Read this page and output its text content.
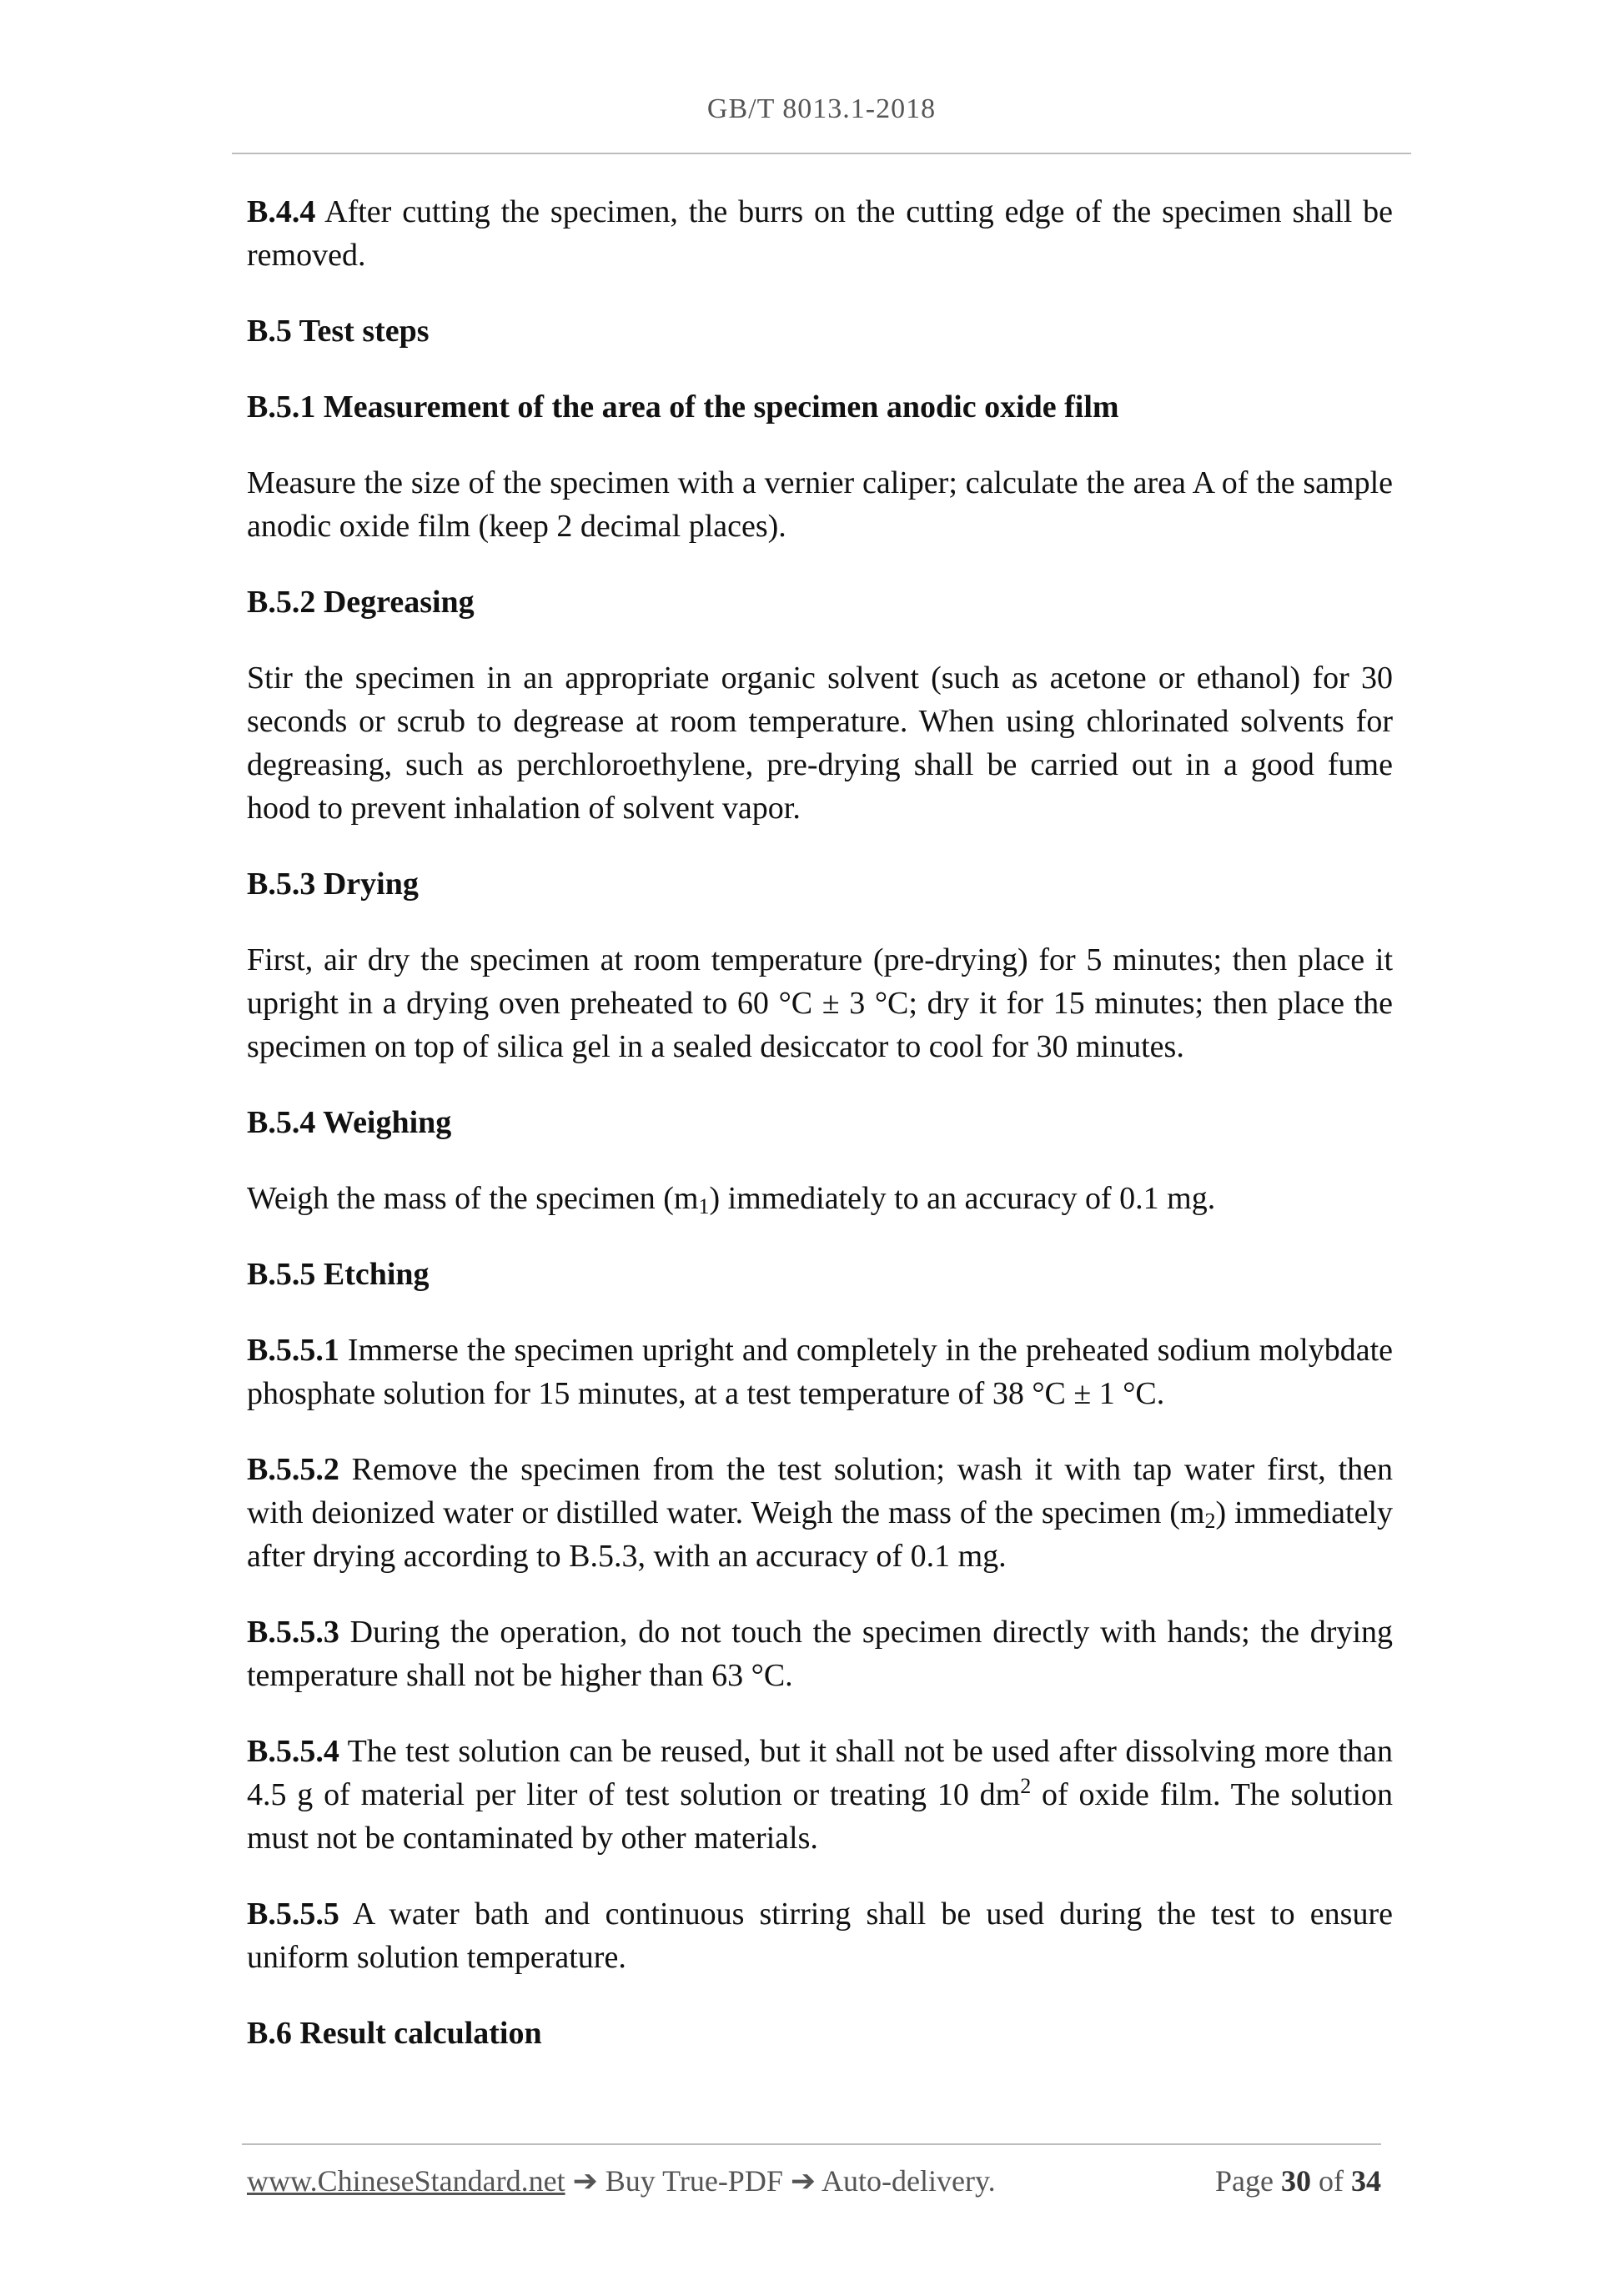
GB/T 8013.1-2018

B.4.4 After cutting the specimen, the burrs on the cutting edge of the specimen shall be removed.

B.5 Test steps

B.5.1 Measurement of the area of the specimen anodic oxide film

Measure the size of the specimen with a vernier caliper; calculate the area A of the sample anodic oxide film (keep 2 decimal places).

B.5.2 Degreasing

Stir the specimen in an appropriate organic solvent (such as acetone or ethanol) for 30 seconds or scrub to degrease at room temperature. When using chlorinated solvents for degreasing, such as perchloroethylene, pre-drying shall be carried out in a good fume hood to prevent inhalation of solvent vapor.

B.5.3 Drying

First, air dry the specimen at room temperature (pre-drying) for 5 minutes; then place it upright in a drying oven preheated to 60 °C ± 3 °C; dry it for 15 minutes; then place the specimen on top of silica gel in a sealed desiccator to cool for 30 minutes.

B.5.4 Weighing

Weigh the mass of the specimen $(m_1)$ immediately to an accuracy of 0.1 mg.

B.5.5 Etching

B.5.5.1 Immerse the specimen upright and completely in the preheated sodium molybdate phosphate solution for 15 minutes, at a test temperature of 38 °C ± 1 °C.

B.5.5.2 Remove the specimen from the test solution; wash it with tap water first, then with deionized water or distilled water. Weigh the mass of the specimen $(m_2)$ immediately after drying according to B.5.3, with an accuracy of 0.1 mg.

B.5.5.3 During the operation, do not touch the specimen directly with hands; the drying temperature shall not be higher than 63 °C.

B.5.5.4 The test solution can be reused, but it shall not be used after dissolving more than 4.5 g of material per liter of test solution or treating 10 $dm^2$ of oxide film. The solution must not be contaminated by other materials.

B.5.5.5 A water bath and continuous stirring shall be used during the test to ensure uniform solution temperature.

B.6 Result calculation

www.ChineseStandard.net ➔ Buy True-PDF ➔ Auto-delivery.	Page 30 of 34
